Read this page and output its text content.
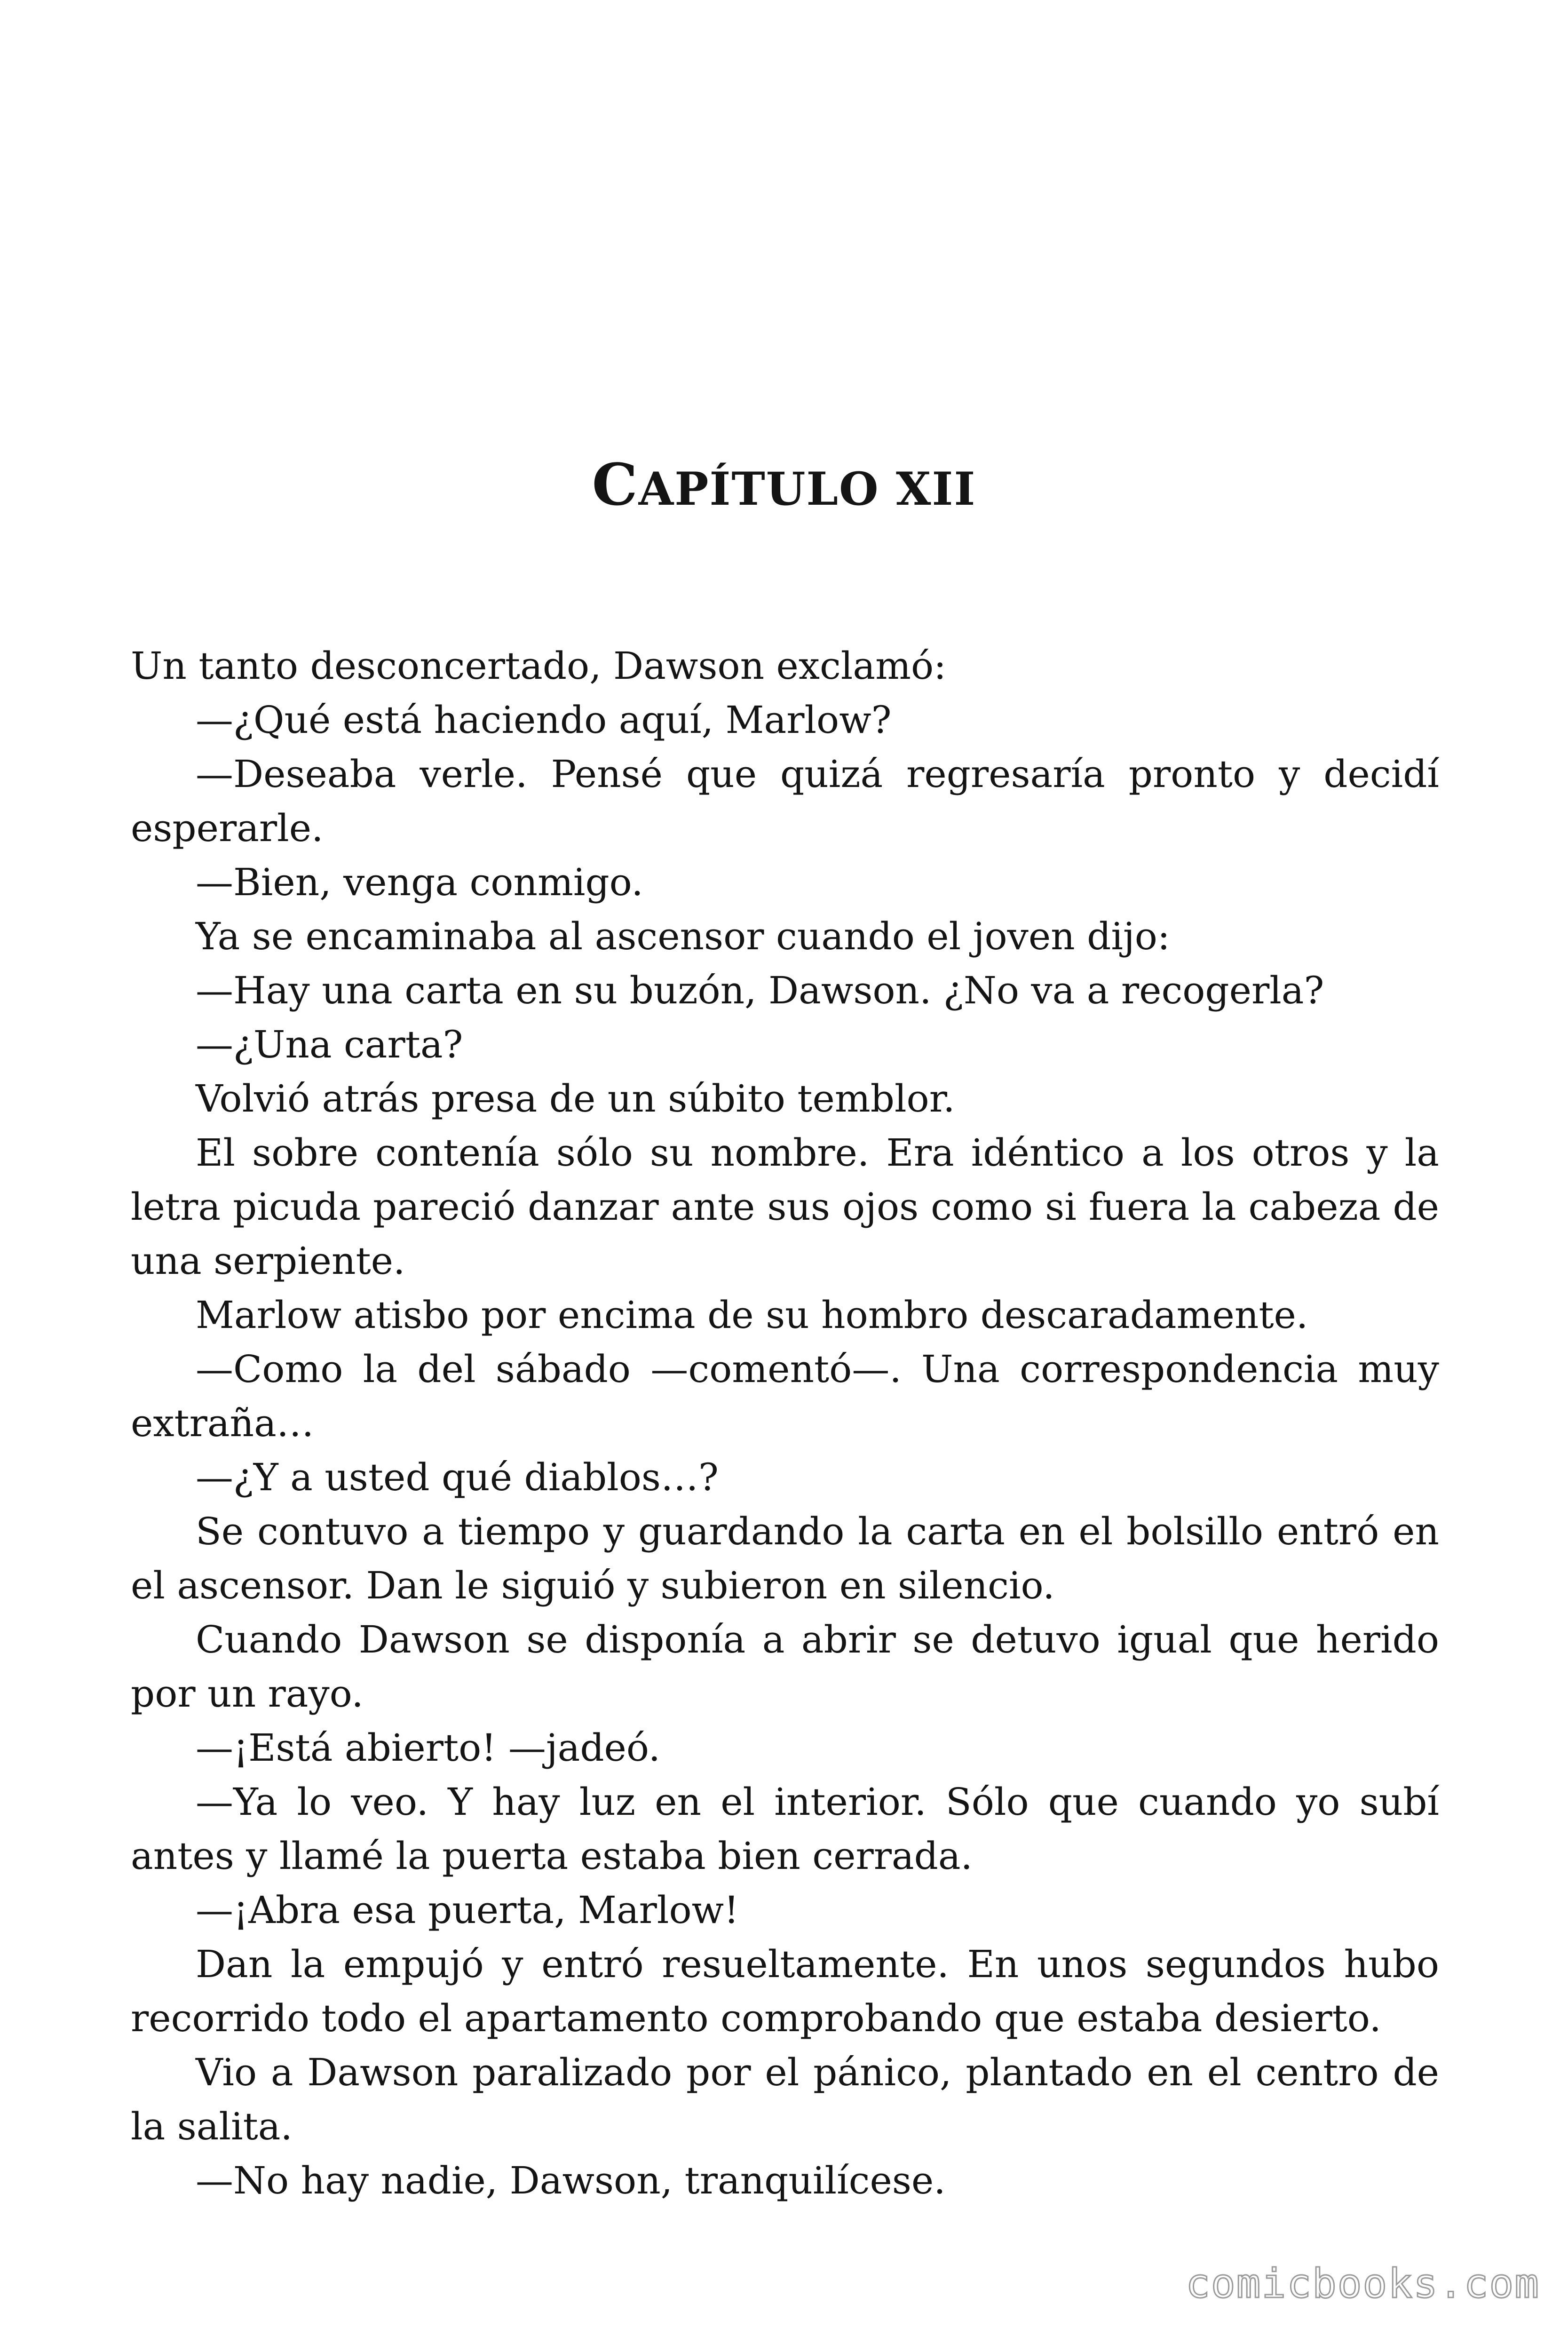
CAPÍTULO XII

Un tanto desconcertado, Dawson exclamó:

—¿Qué está haciendo aquí, Marlow?

—Deseaba verle. Pensé que quizá regresaría pronto y decidí esperarle.

—Bien, venga conmigo.

Ya se encaminaba al ascensor cuando el joven dijo:

—Hay una carta en su buzón, Dawson. ¿No va a recogerla?

—¿Una carta?

Volvió atrás presa de un súbito temblor.

El sobre contenía sólo su nombre. Era idéntico a los otros y la letra picuda pareció danzar ante sus ojos como si fuera la cabeza de una serpiente.

Marlow atisbo por encima de su hombro descaradamente.

—Como la del sábado —comentó—. Una correspondencia muy extraña…

—¿Y a usted qué diablos…?

Se contuvo a tiempo y guardando la carta en el bolsillo entró en el ascensor. Dan le siguió y subieron en silencio.

Cuando Dawson se disponía a abrir se detuvo igual que herido por un rayo.

—¡Está abierto! —jadeó.

—Ya lo veo. Y hay luz en el interior. Sólo que cuando yo subí antes y llamé la puerta estaba bien cerrada.

—¡Abra esa puerta, Marlow!

Dan la empujó y entró resueltamente. En unos segundos hubo recorrido todo el apartamento comprobando que estaba desierto.

Vio a Dawson paralizado por el pánico, plantado en el centro de la salita.

—No hay nadie, Dawson, tranquilícese.

comicbooks.com
